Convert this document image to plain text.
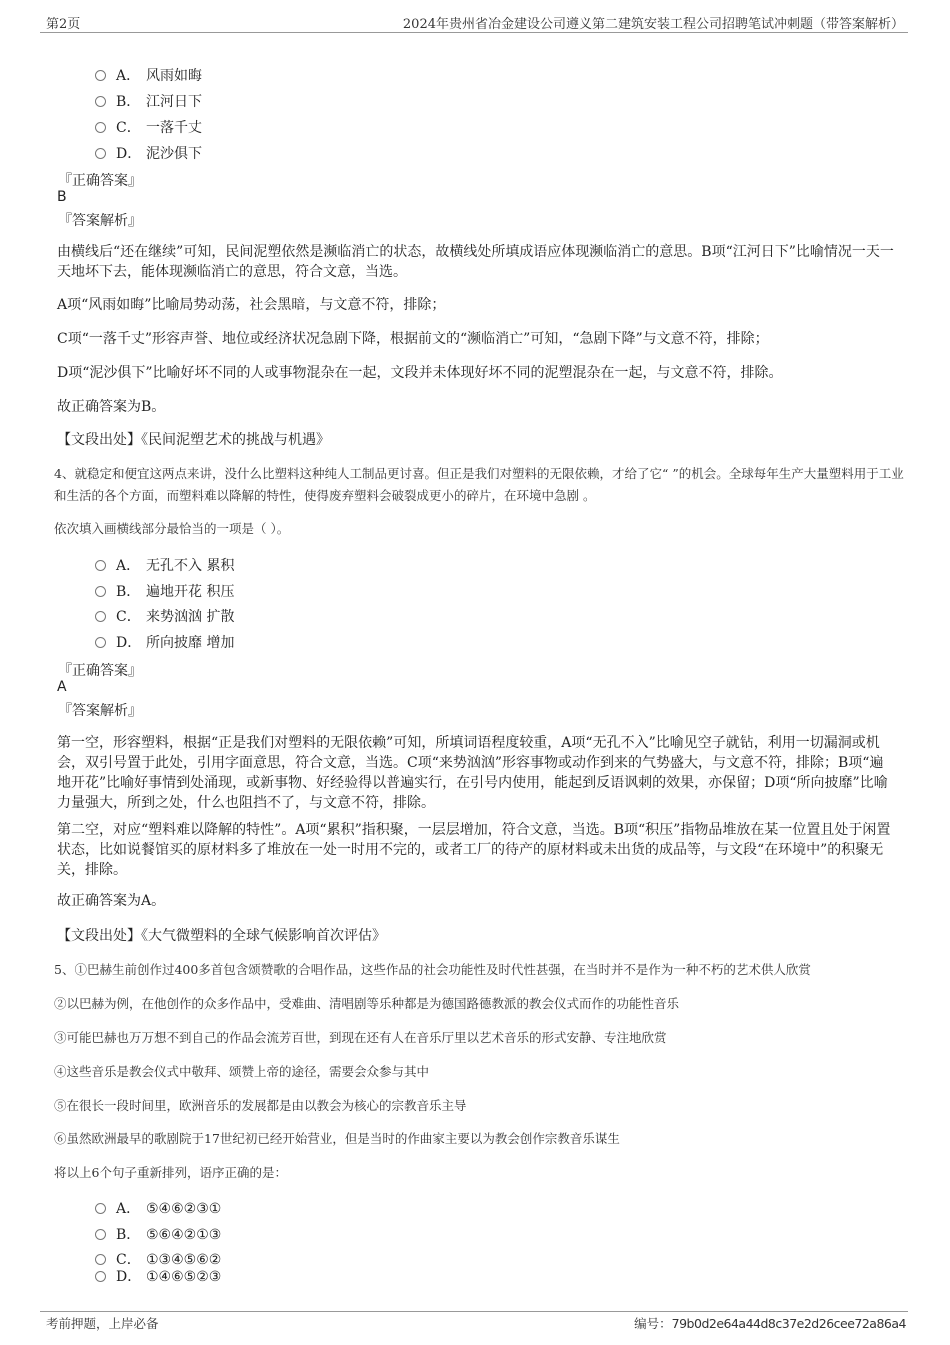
第2页	2024年贵州省冶金建设公司遵义第二建筑安装工程公司招聘笔试冲刺题（带答案解析）
A． 风雨如晦
B． 江河日下
C． 一落千丈
D． 泥沙俱下
『正确答案』
B
『答案解析』
由横线后“还在继续”可知，民间泥塑依然是濒临消亡的状态，故横线处所填成语应体现濒临消亡的意思。B项“江河日下”比喻情况一天一天地坏下去，能体现濒临消亡的意思，符合文意，当选。
A项“风雨如晦”比喻局势动荡，社会黑暗，与文意不符，排除；
C项“一落千丈”形容声誉、地位或经济状况急剧下降，根据前文的“濒临消亡”可知，“急剧下降”与文意不符，排除；
D项“泥沙俱下”比喻好坏不同的人或事物混杂在一起，文段并未体现好坏不同的泥塑混杂在一起，与文意不符，排除。
故正确答案为B。
【文段出处】《民间泥塑艺术的挑战与机遇》
4、就稳定和便宜这两点来讲，没什么比塑料这种纯人工制品更讨喜。但正是我们对塑料的无限依赖，才给了它“ ”的机会。全球每年生产大量塑料用于工业和生活的各个方面，而塑料难以降解的特性，使得废弃塑料会破裂成更小的碎片，在环境中急剧 。
依次填入画横线部分最恰当的一项是（ ）。
A． 无孔不入 累积
B． 遍地开花 积压
C． 来势汹汹 扩散
D． 所向披靡 增加
『正确答案』
A
『答案解析』
第一空，形容塑料，根据“正是我们对塑料的无限依赖”可知，所填词语程度较重，A项“无孔不入”比喻见空子就钻，利用一切漏洞或机会，双引号置于此处，引用字面意思，符合文意，当选。C项“来势汹汹”形容事物或动作到来的气势盛大，与文意不符，排除；B项“遍地开花”比喻好事情到处涌现，或新事物、好经验得以普遍实行，在引号内使用，能起到反语讽刺的效果，亦保留；D项“所向披靡”比喻力量强大，所到之处，什么也阻挡不了，与文意不符，排除。
第二空，对应“塑料难以降解的特性”。A项“累积”指积聚，一层层增加，符合文意，当选。B项“积压”指物品堆放在某一位置且处于闲置状态，比如说餐馆买的原材料多了堆放在一处一时用不完的，或者工厂的待产的原材料或未出货的成品等，与文段“在环境中”的积聚无关，排除。
故正确答案为A。
【文段出处】《大气微塑料的全球气候影响首次评估》
5、①巴赫生前创作过400多首包含颂赞歌的合唱作品，这些作品的社会功能性及时代性甚强，在当时并不是作为一种不朽的艺术供人欣赏
②以巴赫为例，在他创作的众多作品中，受难曲、清唱剧等乐种都是为德国路德教派的教会仪式而作的功能性音乐
③可能巴赫也万万想不到自己的作品会流芳百世，到现在还有人在音乐厅里以艺术音乐的形式安静、专注地欣赏
④这些音乐是教会仪式中敬拜、颂赞上帝的途径，需要会众参与其中
⑤在很长一段时间里，欧洲音乐的发展都是由以教会为核心的宗教音乐主导
⑥虽然欧洲最早的歌剧院于17世纪初已经开始营业，但是当时的作曲家主要以为教会创作宗教音乐谋生
将以上6个句子重新排列，语序正确的是：
A． ⑤④⑥②③①
B． ⑤⑥④②①③
C． ①③④⑤⑥②
D． ①④⑥⑤②③
考前押题，上岸必备	编号：79b0d2e64a44d8c37e2d26cee72a86a4
